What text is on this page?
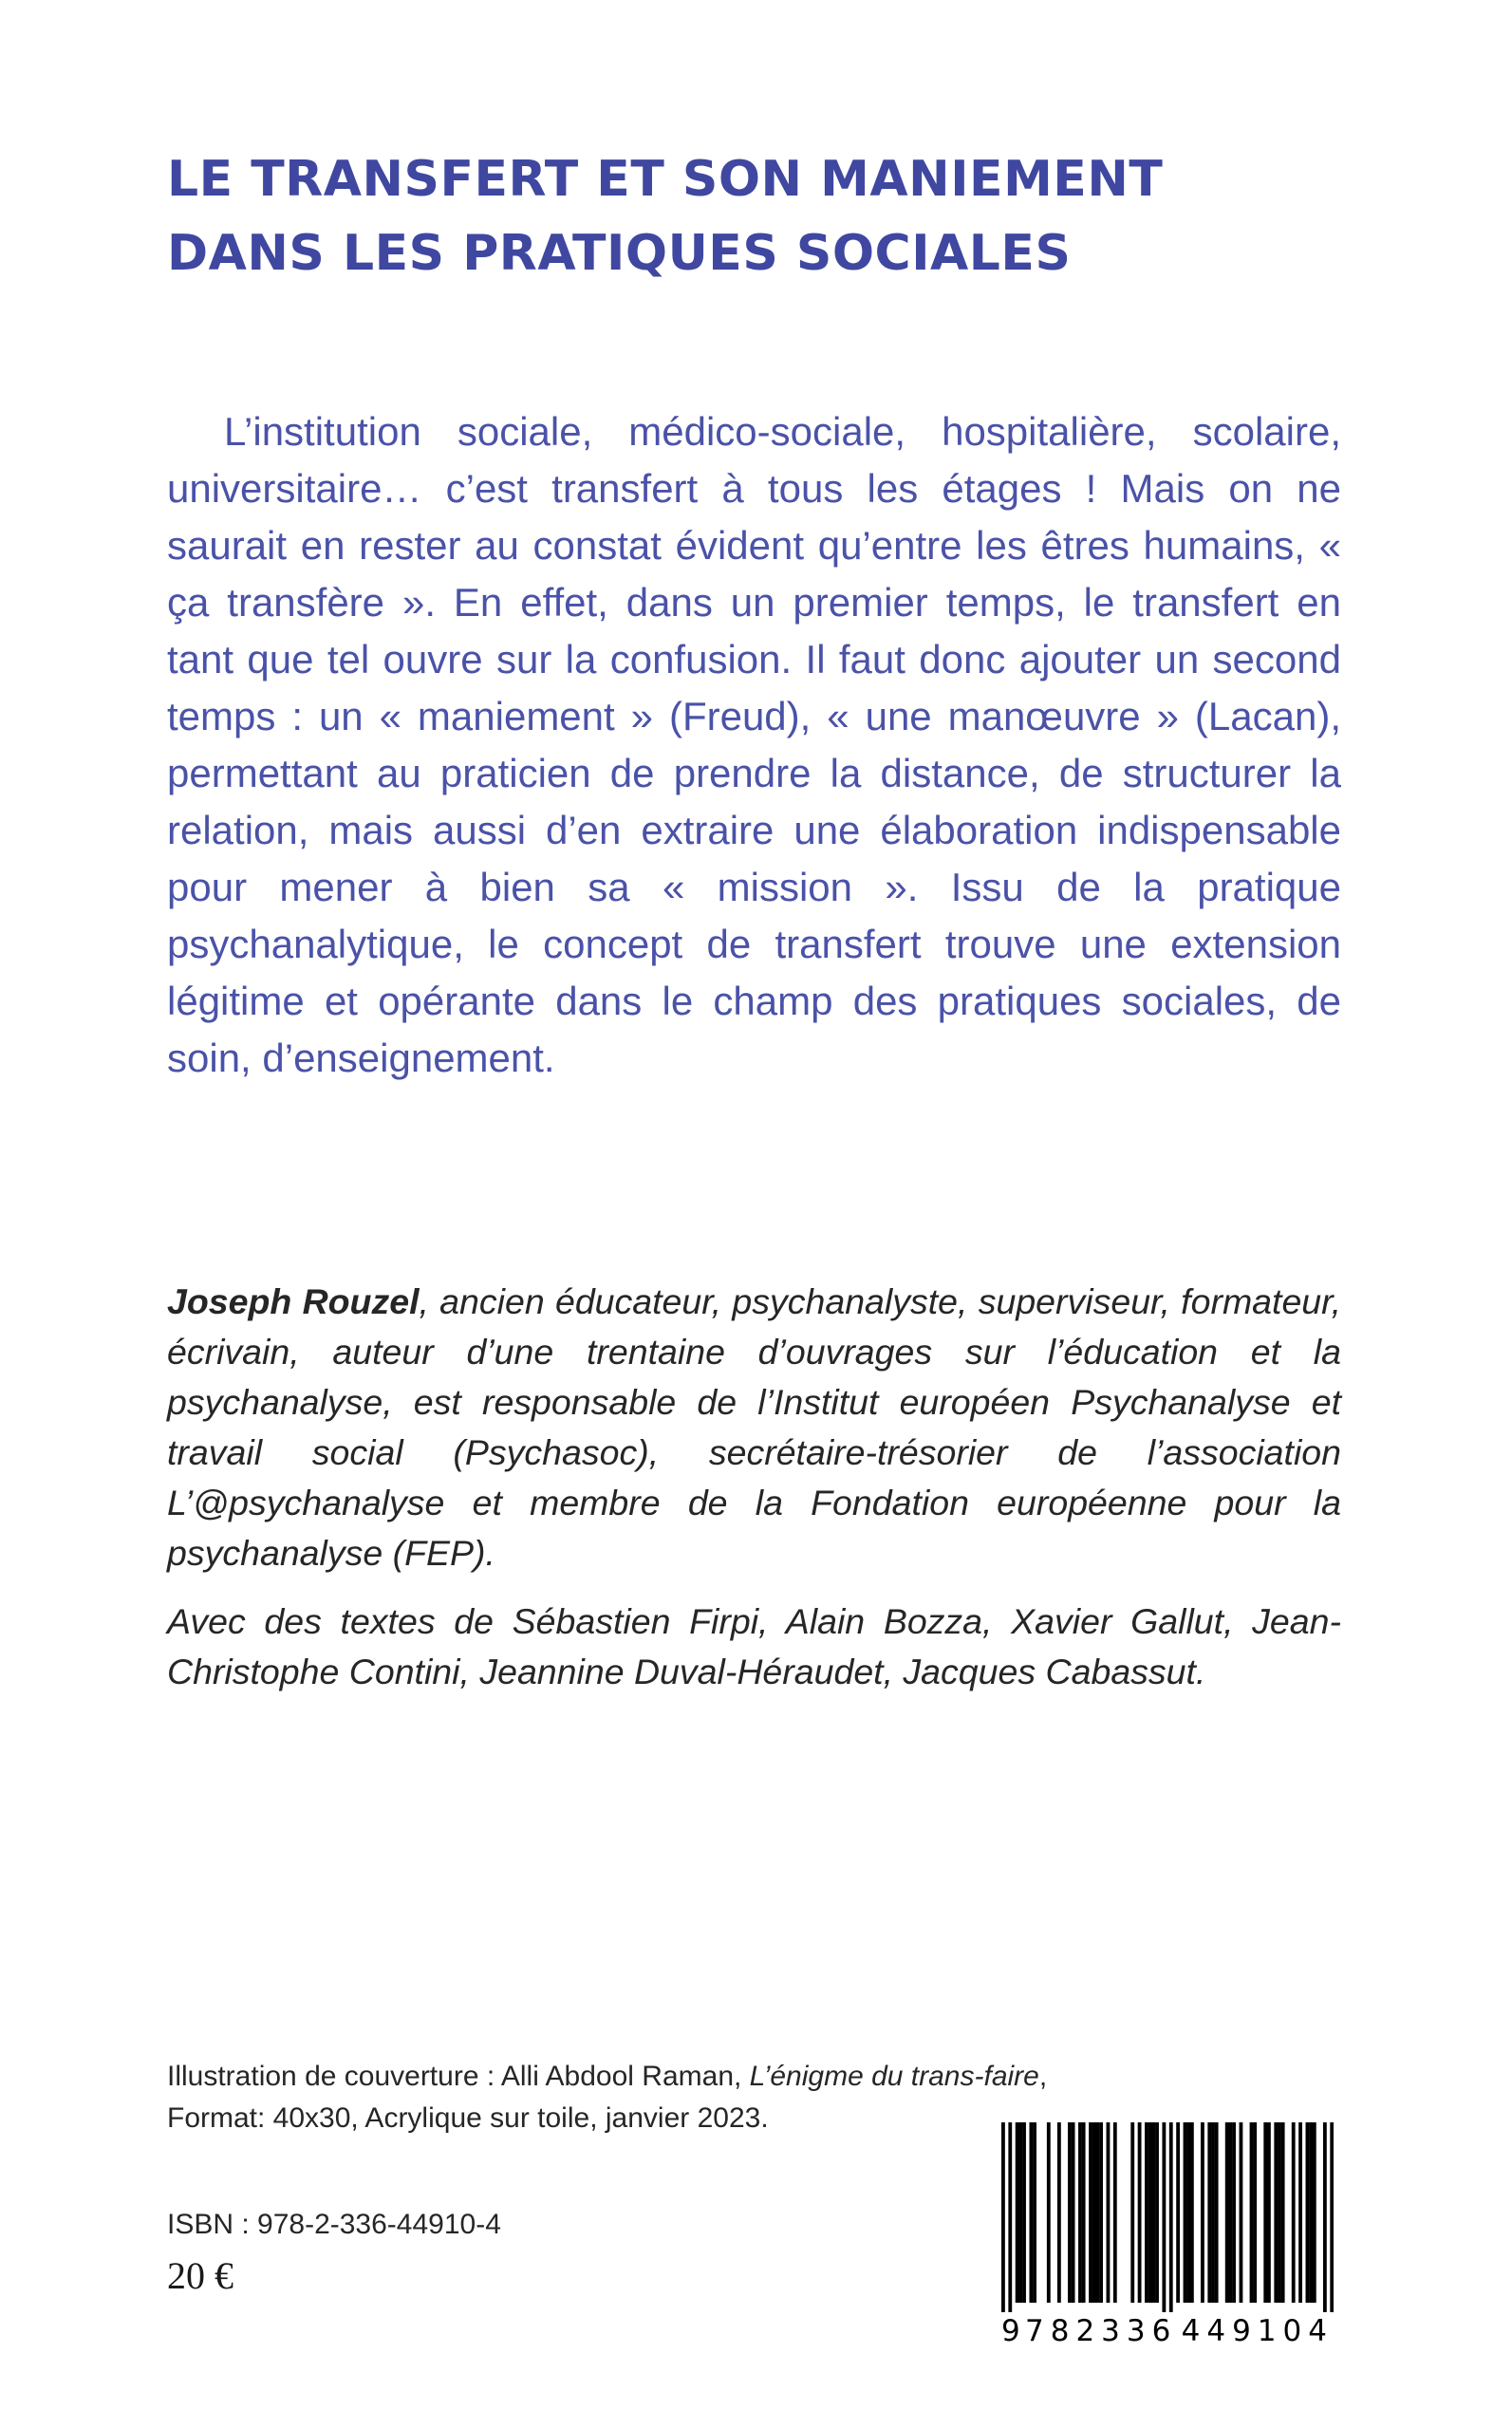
LE TRANSFERT ET SON MANIEMENT
DANS LES PRATIQUES SOCIALES

L’institution sociale, médico-sociale, hospitalière, scolaire, universitaire… c’est transfert à tous les étages ! Mais on ne saurait en rester au constat évident qu’entre les êtres humains, « ça transfère ». En effet, dans un premier temps, le transfert en tant que tel ouvre sur la confusion. Il faut donc ajouter un second temps : un « maniement » (Freud), « une manœuvre » (Lacan), permettant au praticien de prendre la distance, de structurer la relation, mais aussi d’en extraire une élaboration indispensable pour mener à bien sa « mission ». Issu de la pratique psychanalytique, le concept de transfert trouve une extension légitime et opérante dans le champ des pratiques sociales, de soin, d’enseignement.

Joseph Rouzel, ancien éducateur, psychanalyste, superviseur, formateur, écrivain, auteur d’une trentaine d’ouvrages sur l’éducation et la psychanalyse, est responsable de l’Institut européen Psychanalyse et travail social (Psychasoc), secrétaire-trésorier de l’association L’@psychanalyse et membre de la Fondation européenne pour la psychanalyse (FEP).

Avec des textes de Sébastien Firpi, Alain Bozza, Xavier Gallut, Jean-Christophe Contini, Jeannine Duval-Héraudet, Jacques Cabassut.

Illustration de couverture : Alli Abdool Raman, L’énigme du trans-faire,
Format: 40x30, Acrylique sur toile, janvier 2023.
ISBN : 978-2-336-44910-4
20 €
9 782336 449104
